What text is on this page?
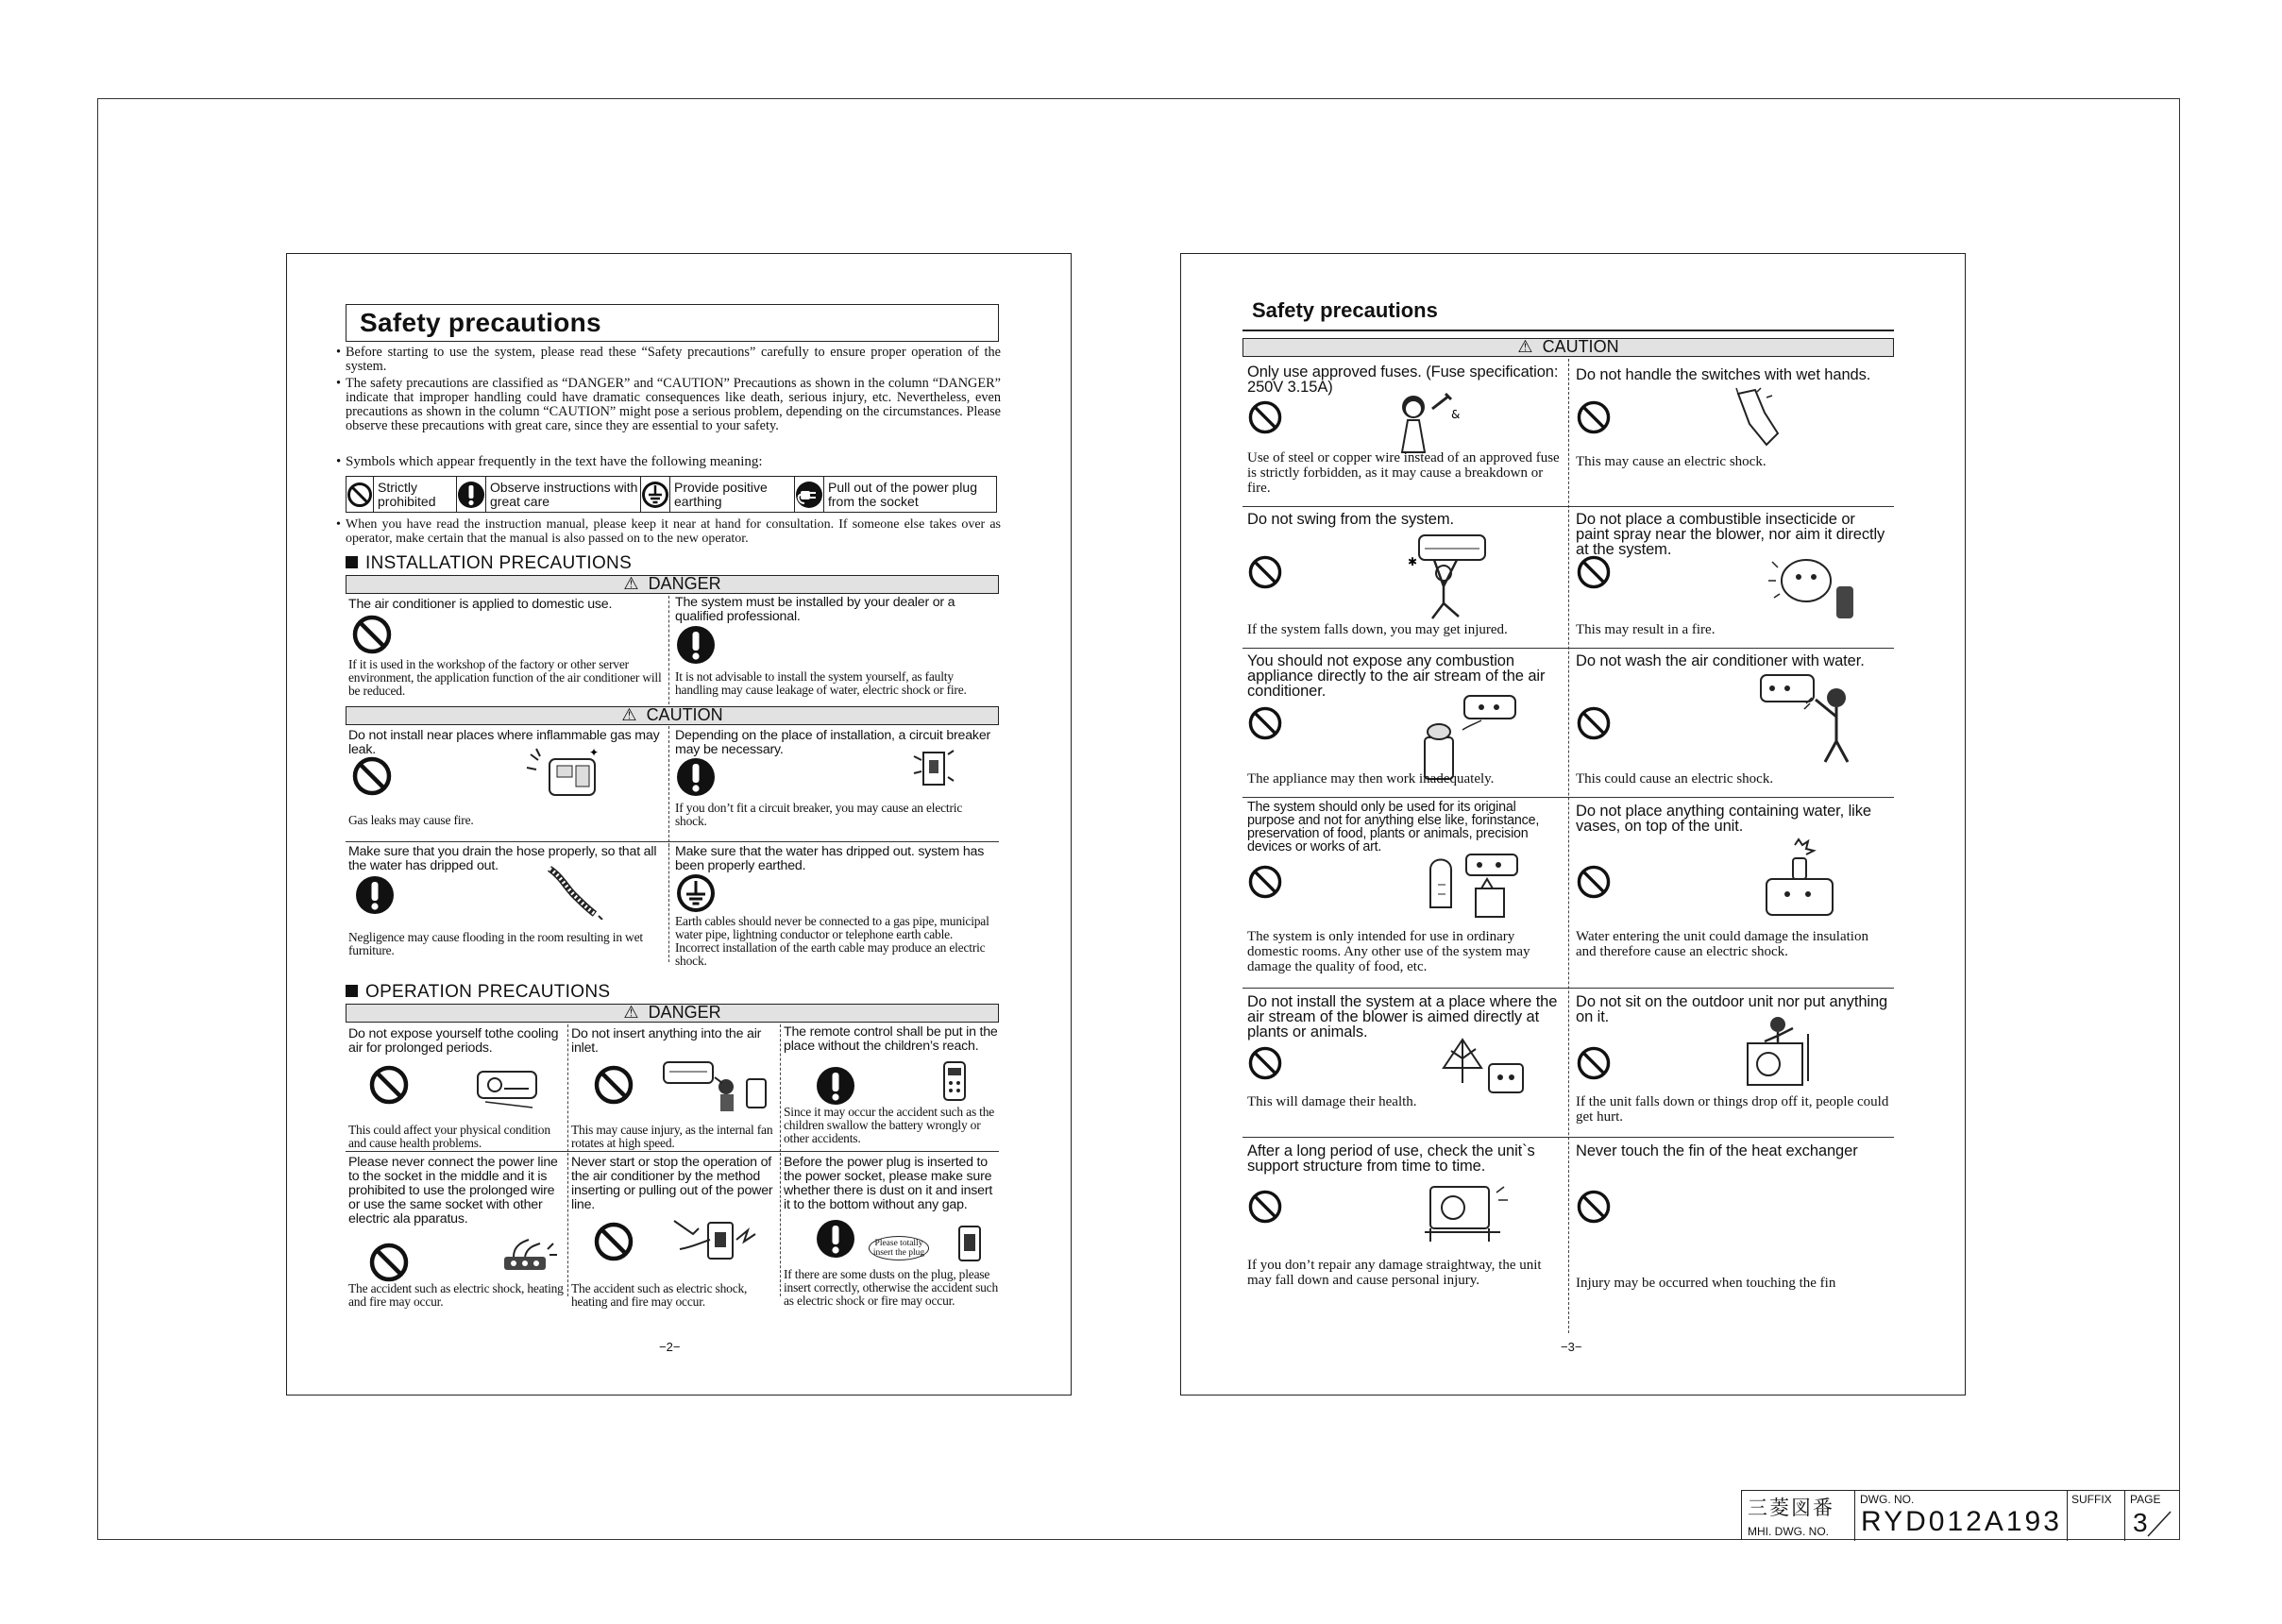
Safety precautions
• Before starting to use the system, please read these “Safety precautions” carefully to ensure proper operation of the system.
• The safety precautions are classified as “DANGER” and “CAUTION” Precautions as shown in the column “DANGER” indicate that improper handling could have dramatic consequences like death, serious injury, etc. Nevertheless, even precautions as shown in the column “CAUTION” might pose a serious problem, depending on the circumstances. Please observe these precautions with great care, since they are essential to your safety.
• Symbols which appear frequently in the text have the following meaning:
Strictly prohibited
Observe instructions with great care
Provide positive earthing
Pull out of the power plug from the socket
• When you have read the instruction manual, please keep it near at hand for consultation. If someone else takes over as operator, make certain that the manual is also passed on to the new operator.
INSTALLATION PRECAUTIONS
⚠ DANGER
The air conditioner is applied to domestic use.
If it is used in the workshop of the factory or other server environment, the application function of the air conditioner will be reduced.
The system must be installed by your dealer or a qualified professional.
It is not advisable to install the system yourself, as faulty handling may cause leakage of water, electric shock or fire.
⚠ CAUTION
Do not install near places where inflammable gas may leak.	✦
Gas leaks may cause fire.
Depending on the place of installation, a circuit breaker may be necessary.
If you don’t fit a circuit breaker, you may cause an electric shock.
Make sure that you drain the hose properly, so that all the water has dripped out.
Negligence may cause flooding in the room resulting in wet furniture.
Make sure that the water has dripped out. system has been properly earthed.
Earth cables should never be connected to a gas pipe, municipal water pipe, lightning conductor or telephone earth cable. Incorrect installation of the earth cable may produce an electric shock.
OPERATION PRECAUTIONS
⚠ DANGER
Do not expose yourself tothe cooling air for prolonged periods.
This could affect your physical condition and cause health problems.
Do not insert anything into the air inlet.
This may cause injury, as the internal fan rotates at high speed.
The remote control shall be put in the place without the children’s reach.
Since it may occur the accident such as the children swallow the battery wrongly or other accidents.
Please never connect the power line to the socket in the middle and it is prohibited to use the prolonged wire or use the same socket with other electric ala pparatus.
The accident such as electric shock, heating and fire may occur.
Never start or stop the operation of the air conditioner by the method inserting or pulling out of the power line.
The accident such as electric shock, heating and fire may occur.
Before the power plug is inserted to the power socket, please make sure whether there is dust on it and insert it to the bottom without any gap.
Please totally insert the plug
If there are some dusts on the plug, please insert correctly, otherwise the accident such as electric shock or fire may occur.
−2−
Safety precautions
⚠ CAUTION
Only use approved fuses. (Fuse specification: 250V 3.15A)
&
Use of steel or copper wire instead of an approved fuse is strictly forbidden, as it may cause a breakdown or fire.
Do not handle the switches with wet hands.
This may cause an electric shock.
Do not swing from the system.
✱
If the system falls down, you may get injured.
Do not place a combustible insecticide or paint spray near the blower, nor aim it directly at the system.
This may result in a fire.
You should not expose any combustion appliance directly to the air stream of the air conditioner.
The appliance may then work inadequately.
Do not wash the air conditioner with water.
This could cause an electric shock.
The system should only be used for its original purpose and not for anything else like, forinstance, preservation of food, plants or animals, precision devices or works of art.
The system is only intended for use in ordinary domestic rooms. Any other use of the system may damage the quality of food, etc.
Do not place anything containing water, like vases, on top of the unit.
Water entering the unit could damage the insulation and therefore cause an electric shock.
Do not install the system at a place where the air stream of the blower is aimed directly at plants or animals.
This will damage their health.
Do not sit on the outdoor unit nor put anything on it.
If the unit falls down or things drop off it, people could get hurt.
After a long period of use, check the unit`s support structure from time to time.
If you don’t repair any damage straightway, the unit may fall down and cause personal injury.
Never touch the fin of the heat exchanger
Injury may be occurred when touching the fin
−3−
三菱図番
MHI. DWG. NO.
DWG. NO.
RYD012A193
SUFFIX PAGE
3
